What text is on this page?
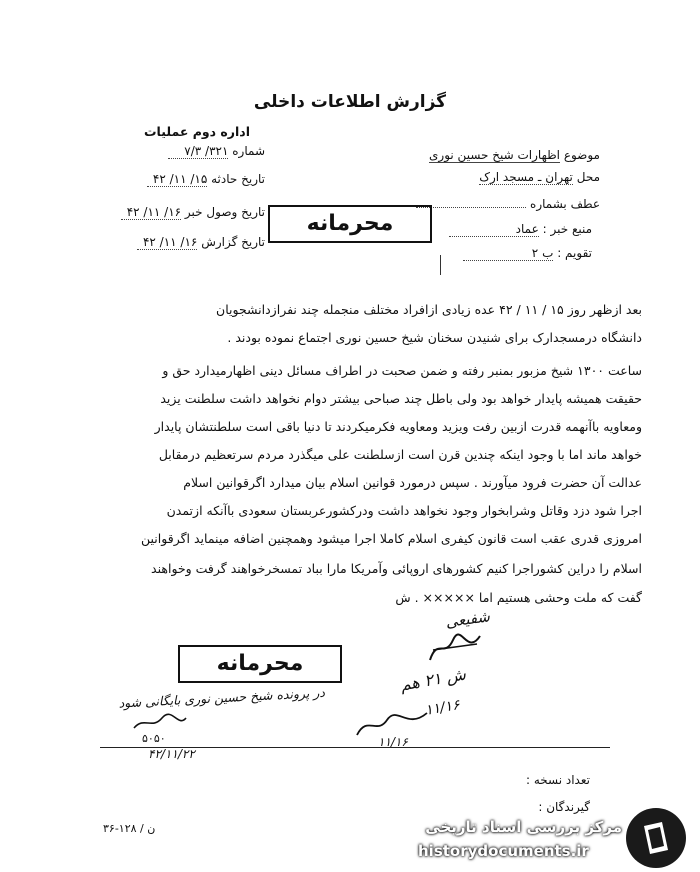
گزارش اطلاعات داخلی
اداره دوم عملیات
شماره ۳۲۱/ ۷/۳
تاریخ حادثه ۱۵/ ۱۱/ ۴۲
تاریخ وصول خبر ۱۶/ ۱۱/ ۴۲
تاریخ گزارش ۱۶/ ۱۱/ ۴۲
موضوع اظهارات شیخ حسین نوری
محل تهران ـ مسجد ارک
عطف بشماره
منبع خبر : عماد
تقویم : ب ۲
محرمانه
بعد ازظهر روز ۱۵ / ۱۱ / ۴۲ عده زیادی ازافراد مختلف منجمله چند نفرازدانشجویان
دانشگاه درمسجدارک برای شنیدن سخنان شیخ حسین نوری اجتماع نموده بودند .
ساعت ۱۳۰۰ شیخ مزبور بمنبر رفته و ضمن صحبت در اطراف مسائل دینی اظهارمیدارد حق و
حقیقت همیشه پایدار خواهد بود ولی باطل چند صباحی بیشتر دوام نخواهد داشت سلطنت یزید
ومعاویه باآنهمه قدرت ازبین رفت ویزید ومعاویه فکرمیکردند تا دنیا باقی است سلطنتشان پایدار
خواهد ماند اما با وجود اینکه چندین قرن است ازسلطنت علی میگذرد مردم سرتعظیم درمقابل
عدالت آن حضرت فرود میآورند . سپس درمورد قوانین اسلام بیان میدارد اگرقوانین اسلام
اجرا شود دزد وقاتل وشرابخوار وجود نخواهد داشت ودرکشورعربستان سعودی باآنکه ازتمدن
امروزی قدری عقب است قانون کیفری اسلام کاملا اجرا میشود وهمچنین اضافه مینماید اگرقوانین
اسلام را دراین کشوراجرا کنیم کشورهای اروپائی وآمریکا مارا بباد تمسخرخواهند گرفت وخواهند
گفت که ملت وحشی هستیم اما ××××× . ش
شفیعی
محرمانه
ش ۲۱ هم
۱۱/۱۶
۱۱/۱۶
در پرونده شیخ حسین نوری بایگانی شود
۵۰۵۰
۴۲/۱۱/۲۲
تعداد نسخه :
گیرندگان :
۳۶-۱۲۸ / ن	مرکز بررسی اسناد تاریخی
historydocuments.ir
